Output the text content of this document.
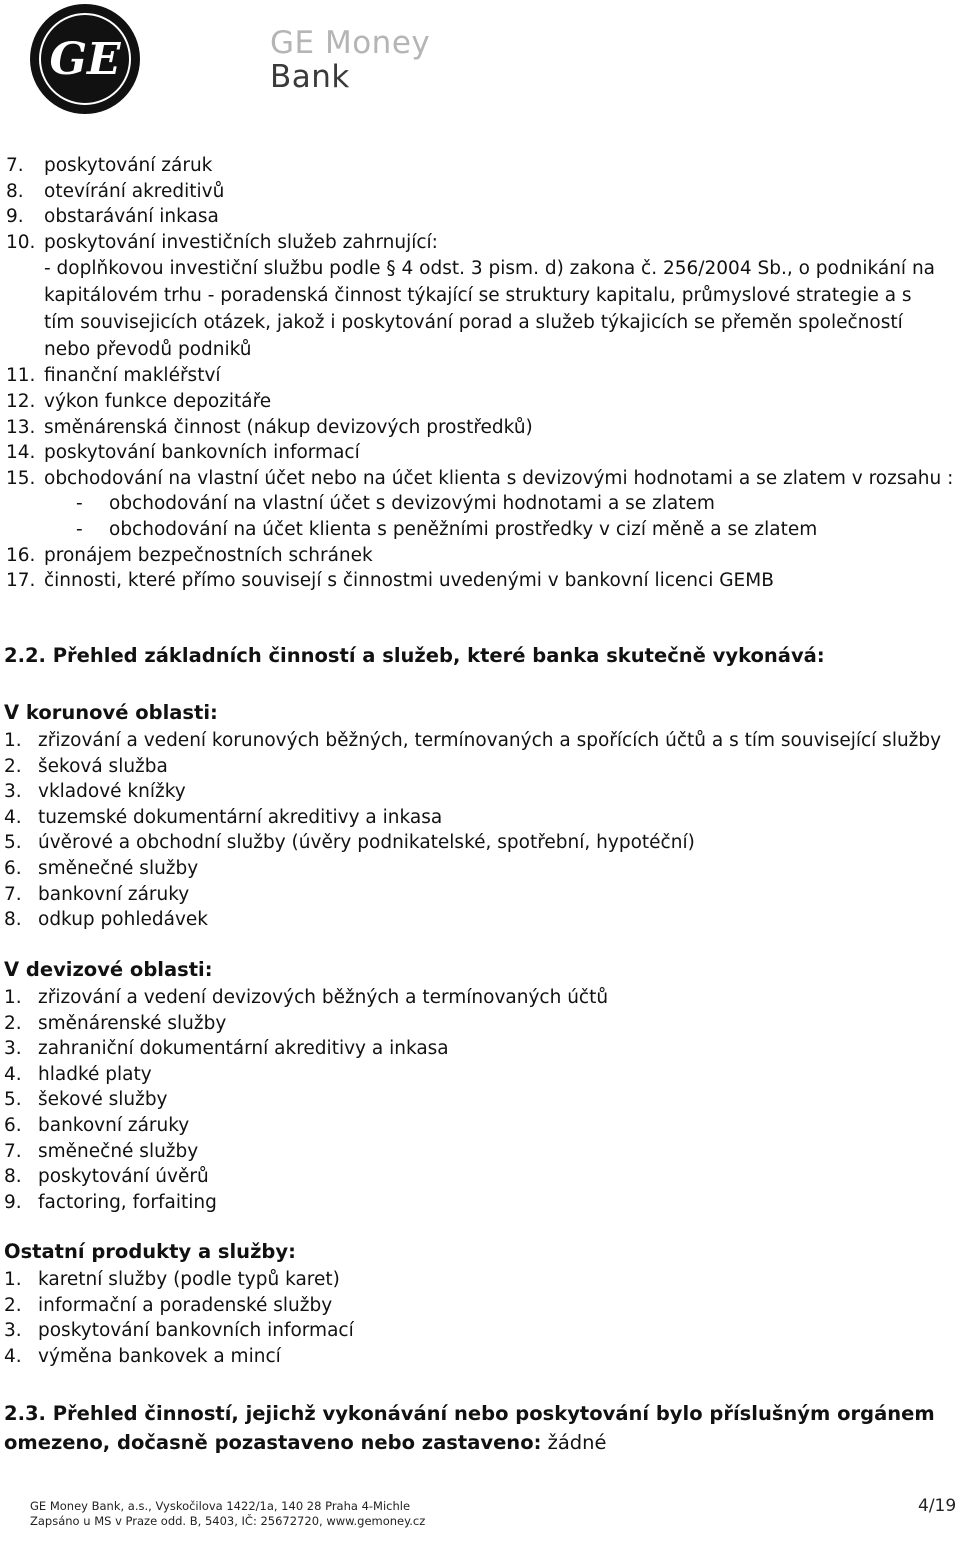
GE	GE Money
Bank
7. poskytování záruk
8. otevírání akreditivů
9. obstarávání inkasa
10. poskytování investičních služeb zahrnující:
- doplňkovou investiční službu podle § 4 odst. 3 pism. d) zakona č. 256/2004 Sb., o podnikání na kapitálovém trhu - poradenská činnost týkající se struktury kapitalu, průmyslové strategie a s tím souvisejicích otázek, jakož i poskytování porad a služeb týkajicích se přeměn společností nebo převodů podniků
11. finanční makléřství
12. výkon funkce depozitáře
13. směnárenská činnost (nákup devizových prostředků)
14. poskytování bankovních informací
15. obchodování na vlastní účet nebo na účet klienta s devizovými hodnotami a se zlatem v rozsahu :
- obchodování na vlastní účet s devizovými hodnotami a se zlatem
- obchodování na účet klienta s peněžními prostředky v cizí měně a se zlatem
16. pronájem bezpečnostních schránek
17. činnosti, které přímo souvisejí s činnostmi uvedenými v bankovní licenci GEMB
2.2. Přehled základních činností a služeb, které banka skutečně vykonává:
V korunové oblasti:
1. zřizování a vedení korunových běžných, termínovaných a spořících účtů a s tím související služby
2. šeková služba
3. vkladové knížky
4. tuzemské dokumentární akreditivy a inkasa
5. úvěrové a obchodní služby (úvěry podnikatelské, spotřební, hypotéční)
6. směnečné služby
7. bankovní záruky
8. odkup pohledávek
V devizové oblasti:
1. zřizování a vedení devizových běžných a termínovaných účtů
2. směnárenské služby
3. zahraniční dokumentární akreditivy a inkasa
4. hladké platy
5. šekové služby
6. bankovní záruky
7. směnečné služby
8. poskytování úvěrů
9. factoring, forfaiting
Ostatní produkty a služby:
1. karetní služby (podle typů karet)
2. informační a poradenské služby
3. poskytování bankovních informací
4. výměna bankovek a mincí
2.3. Přehled činností, jejichž vykonávání nebo poskytování bylo příslušným orgánem omezeno, dočasně pozastaveno nebo zastaveno: žádné
GE Money Bank, a.s., Vyskočilova 1422/1a, 140 28 Praha 4-Michle
Zapsáno u MS v Praze odd. B, 5403, IČ: 25672720, www.gemoney.cz
4/19
